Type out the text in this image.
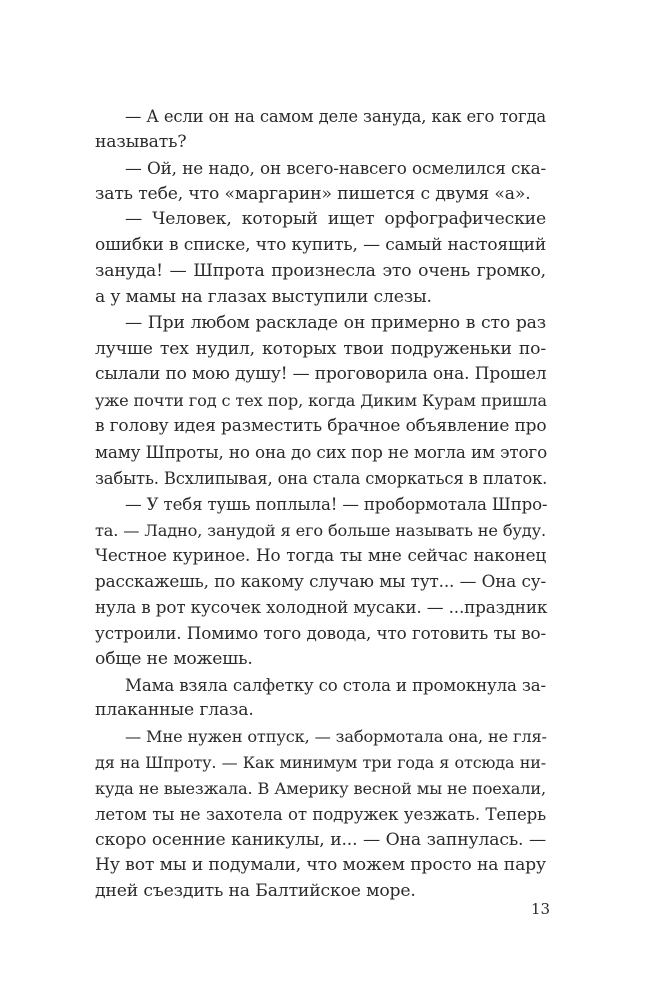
— А если он на самом деле зануда, как его тогда
называть?
— Ой, не надо, он всего-навсего осмелился ска-
зать тебе, что «маргарин» пишется с двумя «а».
— Человек, который ищет орфографические
ошибки в списке, что купить, — самый настоящий
зануда! — Шпрота произнесла это очень громко,
а у мамы на глазах выступили слезы.
— При любом раскладе он примерно в сто раз
лучше тех нудил, которых твои подруженьки по-
сылали по мою душу! — проговорила она. Прошел
уже почти год с тех пор, когда Диким Курам пришла
в голову идея разместить брачное объявление про
маму Шпроты, но она до сих пор не могла им этого
забыть. Всхлипывая, она стала сморкаться в платок.
— У тебя тушь поплыла! — пробормотала Шпро-
та. — Ладно, занудой я его больше называть не буду.
Честное куриное. Но тогда ты мне сейчас наконец
расскажешь, по какому случаю мы тут... — Она су-
нула в рот кусочек холодной мусаки. — ...праздник
устроили. Помимо того довода, что готовить ты во-
обще не можешь.
Мама взяла салфетку со стола и промокнула за-
плаканные глаза.
— Мне нужен отпуск, — забормотала она, не гля-
дя на Шпроту. — Как минимум три года я отсюда ни-
куда не выезжала. В Америку весной мы не поехали,
летом ты не захотела от подружек уезжать. Теперь
скоро осенние каникулы, и... — Она запнулась. —
Ну вот мы и подумали, что можем просто на пару
дней съездить на Балтийское море.
13
